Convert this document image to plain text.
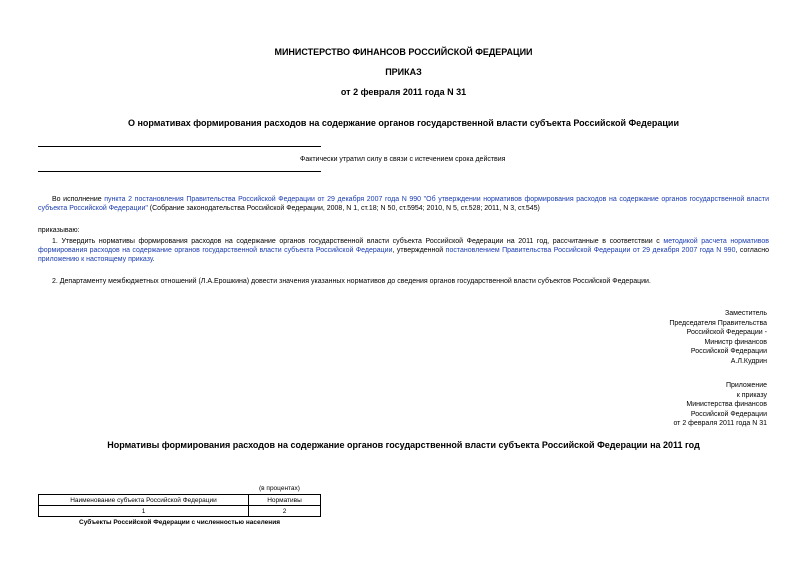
МИНИСТЕРСТВО ФИНАНСОВ РОССИЙСКОЙ ФЕДЕРАЦИИ
ПРИКАЗ
от 2 февраля 2011 года N 31
О нормативах формирования расходов на содержание органов государственной власти субъекта Российской Федерации
Фактически утратил силу в связи с истечением срока действия
Во исполнение пункта 2 постановления Правительства Российской Федерации от 29 декабря 2007 года N 990 "Об утверждении нормативов формирования расходов на содержание органов государственной власти субъекта Российской Федерации" (Собрание законодательства Российской Федерации, 2008, N 1, ст.18; N 50, ст.5954; 2010, N 5, ст.528; 2011, N 3, ст.545)
приказываю:
1. Утвердить нормативы формирования расходов на содержание органов государственной власти субъекта Российской Федерации на 2011 год, рассчитанные в соответствии с методикой расчета нормативов формирования расходов на содержание органов государственной власти субъекта Российской Федерации, утвержденной постановлением Правительства Российской Федерации от 29 декабря 2007 года N 990, согласно приложению к настоящему приказу.
2. Департаменту межбюджетных отношений (Л.А.Ерошкина) довести значения указанных нормативов до сведения органов государственной власти субъектов Российской Федерации.
Заместитель
Председателя Правительства
Российской Федерации -
Министр финансов
Российской Федерации
А.Л.Кудрин
Приложение
к приказу
Министерства финансов
Российской Федерации
от 2 февраля 2011 года N 31
Нормативы формирования расходов на содержание органов государственной власти субъекта Российской Федерации на 2011 год
(в процентах)
Наименование субъекта Российской Федерации	Нормативы
1	2
Субъекты Российской Федерации с численностью населения	
